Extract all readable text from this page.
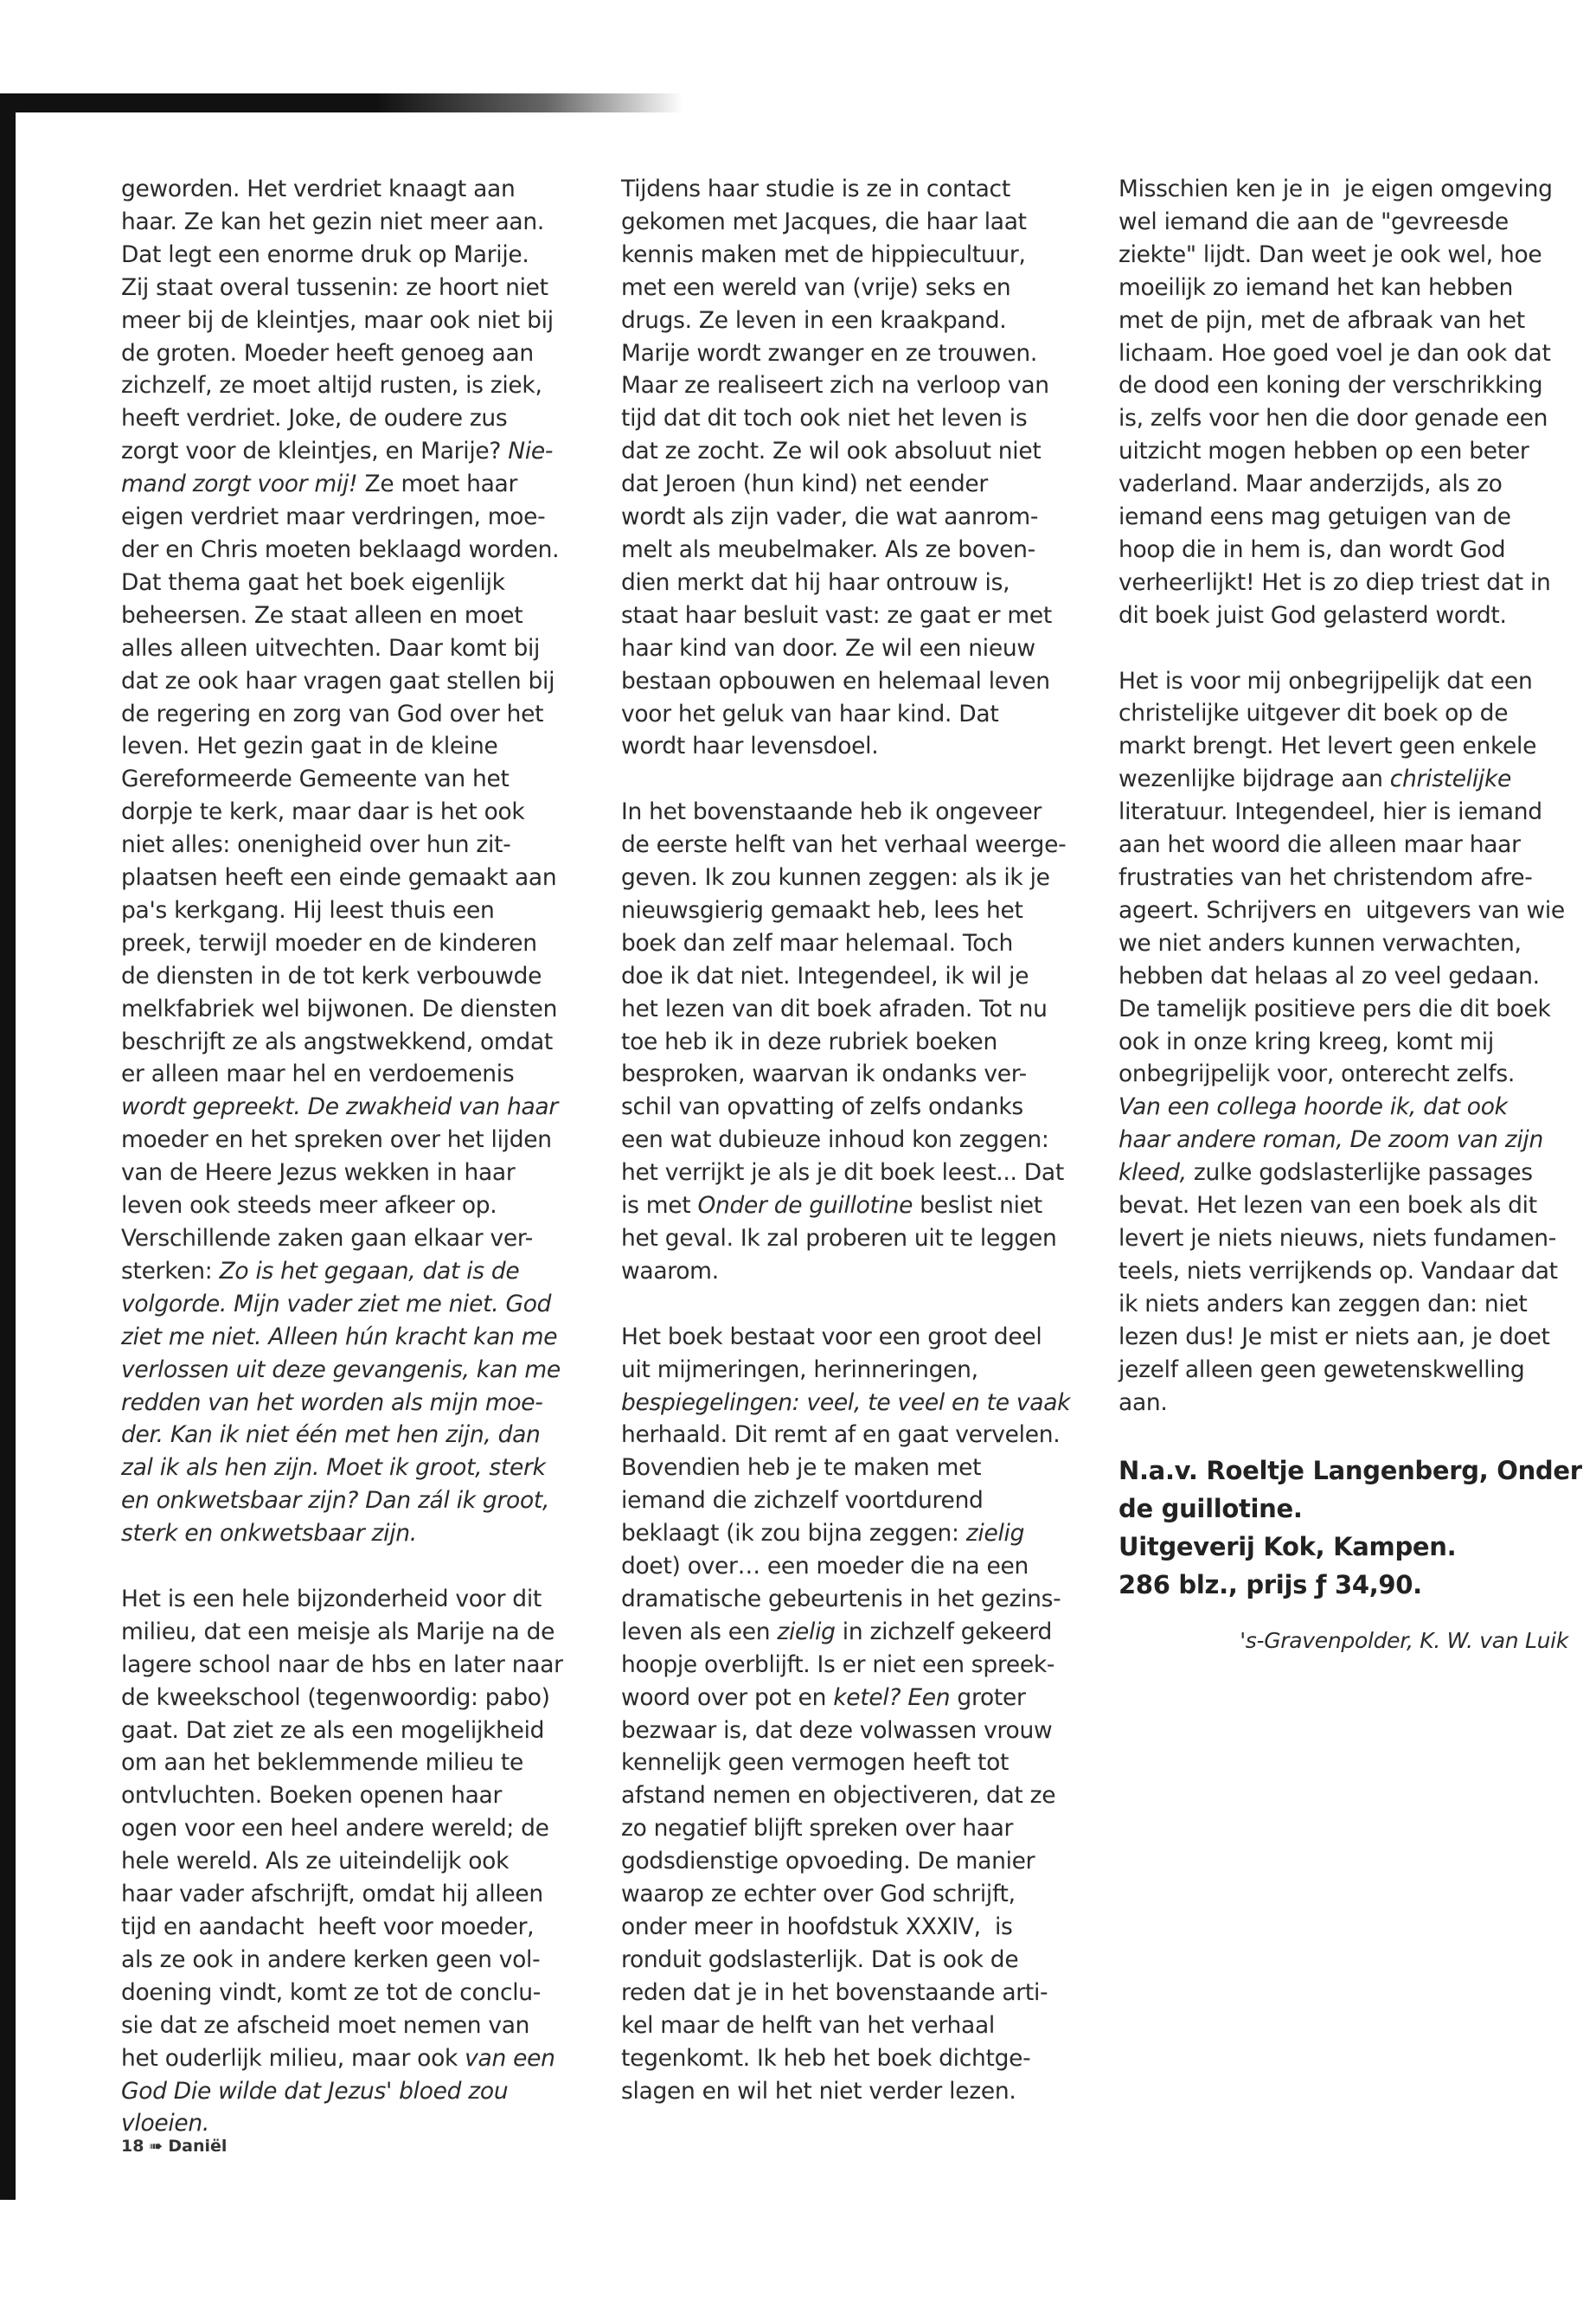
geworden. Het verdriet knaagt aan
haar. Ze kan het gezin niet meer aan.
Dat legt een enorme druk op Marije.
Zij staat overal tussenin: ze hoort niet
meer bij de kleintjes, maar ook niet bij
de groten. Moeder heeft genoeg aan
zichzelf, ze moet altijd rusten, is ziek,
heeft verdriet. Joke, de oudere zus
zorgt voor de kleintjes, en Marije? Nie-
mand zorgt voor mij! Ze moet haar
eigen verdriet maar verdringen, moe-
der en Chris moeten beklaagd worden.
Dat thema gaat het boek eigenlijk
beheersen. Ze staat alleen en moet
alles alleen uitvechten. Daar komt bij
dat ze ook haar vragen gaat stellen bij
de regering en zorg van God over het
leven. Het gezin gaat in de kleine
Gereformeerde Gemeente van het
dorpje te kerk, maar daar is het ook
niet alles: onenigheid over hun zit-
plaatsen heeft een einde gemaakt aan
pa's kerkgang. Hij leest thuis een
preek, terwijl moeder en de kinderen
de diensten in de tot kerk verbouwde
melkfabriek wel bijwonen. De diensten
beschrijft ze als angstwekkend, omdat
er alleen maar hel en verdoemenis
wordt gepreekt. De zwakheid van haar
moeder en het spreken over het lijden
van de Heere Jezus wekken in haar
leven ook steeds meer afkeer op.
Verschillende zaken gaan elkaar ver-
sterken: Zo is het gegaan, dat is de
volgorde. Mijn vader ziet me niet. God
ziet me niet. Alleen hún kracht kan me
verlossen uit deze gevangenis, kan me
redden van het worden als mijn moe-
der. Kan ik niet één met hen zijn, dan
zal ik als hen zijn. Moet ik groot, sterk
en onkwetsbaar zijn? Dan zál ik groot,
sterk en onkwetsbaar zijn.

Het is een hele bijzonderheid voor dit
milieu, dat een meisje als Marije na de
lagere school naar de hbs en later naar
de kweekschool (tegenwoordig: pabo)
gaat. Dat ziet ze als een mogelijkheid
om aan het beklemmende milieu te
ontvluchten. Boeken openen haar
ogen voor een heel andere wereld; de
hele wereld. Als ze uiteindelijk ook
haar vader afschrijft, omdat hij alleen
tijd en aandacht  heeft voor moeder,
als ze ook in andere kerken geen vol-
doening vindt, komt ze tot de conclu-
sie dat ze afscheid moet nemen van
het ouderlijk milieu, maar ook van een
God Die wilde dat Jezus' bloed zou
vloeien.

Tijdens haar studie is ze in contact
gekomen met Jacques, die haar laat
kennis maken met de hippiecultuur,
met een wereld van (vrije) seks en
drugs. Ze leven in een kraakpand.
Marije wordt zwanger en ze trouwen.
Maar ze realiseert zich na verloop van
tijd dat dit toch ook niet het leven is
dat ze zocht. Ze wil ook absoluut niet
dat Jeroen (hun kind) net eender
wordt als zijn vader, die wat aanrom-
melt als meubelmaker. Als ze boven-
dien merkt dat hij haar ontrouw is,
staat haar besluit vast: ze gaat er met
haar kind van door. Ze wil een nieuw
bestaan opbouwen en helemaal leven
voor het geluk van haar kind. Dat
wordt haar levensdoel.

In het bovenstaande heb ik ongeveer
de eerste helft van het verhaal weerge-
geven. Ik zou kunnen zeggen: als ik je
nieuwsgierig gemaakt heb, lees het
boek dan zelf maar helemaal. Toch
doe ik dat niet. Integendeel, ik wil je
het lezen van dit boek afraden. Tot nu
toe heb ik in deze rubriek boeken
besproken, waarvan ik ondanks ver-
schil van opvatting of zelfs ondanks
een wat dubieuze inhoud kon zeggen:
het verrijkt je als je dit boek leest... Dat
is met Onder de guillotine beslist niet
het geval. Ik zal proberen uit te leggen
waarom.

Het boek bestaat voor een groot deel
uit mijmeringen, herinneringen,
bespiegelingen: veel, te veel en te vaak
herhaald. Dit remt af en gaat vervelen.
Bovendien heb je te maken met
iemand die zichzelf voortdurend
beklaagt (ik zou bijna zeggen: zielig
doet) over… een moeder die na een
dramatische gebeurtenis in het gezins-
leven als een zielig in zichzelf gekeerd
hoopje overblijft. Is er niet een spreek-
woord over pot en ketel? Een groter
bezwaar is, dat deze volwassen vrouw
kennelijk geen vermogen heeft tot
afstand nemen en objectiveren, dat ze
zo negatief blijft spreken over haar
godsdienstige opvoeding. De manier
waarop ze echter over God schrijft,
onder meer in hoofdstuk XXXIV,  is
ronduit godslasterlijk. Dat is ook de
reden dat je in het bovenstaande arti-
kel maar de helft van het verhaal
tegenkomt. Ik heb het boek dichtge-
slagen en wil het niet verder lezen.

Misschien ken je in  je eigen omgeving
wel iemand die aan de "gevreesde
ziekte" lijdt. Dan weet je ook wel, hoe
moeilijk zo iemand het kan hebben
met de pijn, met de afbraak van het
lichaam. Hoe goed voel je dan ook dat
de dood een koning der verschrikking
is, zelfs voor hen die door genade een
uitzicht mogen hebben op een beter
vaderland. Maar anderzijds, als zo
iemand eens mag getuigen van de
hoop die in hem is, dan wordt God
verheerlijkt! Het is zo diep triest dat in
dit boek juist God gelasterd wordt.

Het is voor mij onbegrijpelijk dat een
christelijke uitgever dit boek op de
markt brengt. Het levert geen enkele
wezenlijke bijdrage aan christelijke
literatuur. Integendeel, hier is iemand
aan het woord die alleen maar haar
frustraties van het christendom afre-
ageert. Schrijvers en  uitgevers van wie
we niet anders kunnen verwachten,
hebben dat helaas al zo veel gedaan.
De tamelijk positieve pers die dit boek
ook in onze kring kreeg, komt mij
onbegrijpelijk voor, onterecht zelfs.
Van een collega hoorde ik, dat ook
haar andere roman, De zoom van zijn
kleed, zulke godslasterlijke passages
bevat. Het lezen van een boek als dit
levert je niets nieuws, niets fundamen-
teels, niets verrijkends op. Vandaar dat
ik niets anders kan zeggen dan: niet
lezen dus! Je mist er niets aan, je doet
jezelf alleen geen gewetenskwelling
aan.

N.a.v. Roeltje Langenberg, Onder
de guillotine.
Uitgeverij Kok, Kampen.
286 blz., prijs ƒ 34,90.

's-Gravenpolder, K. W. van Luik

18 ➠ Daniël
